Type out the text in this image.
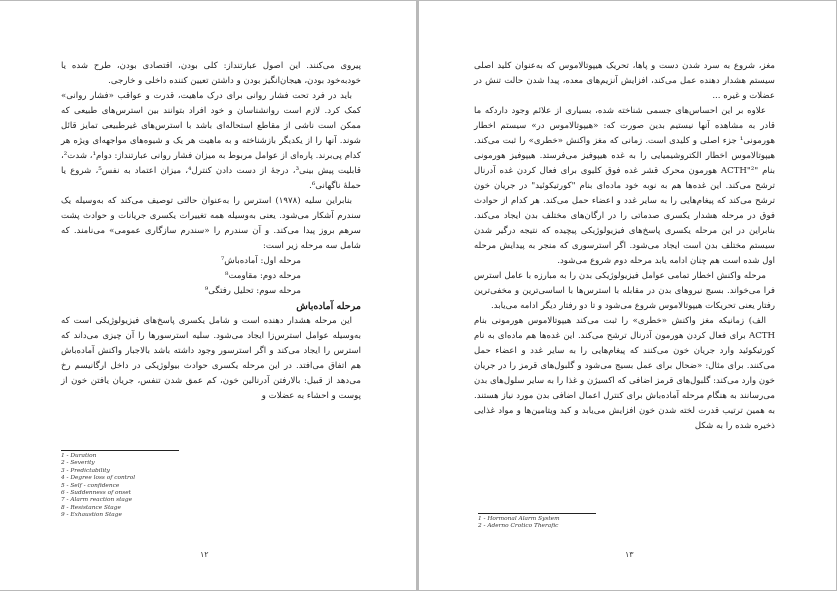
پیروی می‌کنند. این اصول عبارتنداز: کلی بودن، اقتصادی بودن، طرح شده یا خودبه‌خود بودن، هیجان‌انگیز بودن و داشتن تعیین کننده داخلی و خارجی.

باید در فرد تحت فشار روانی برای درک ماهیت، قدرت و عواقب «فشار روانی» کمک کرد. لازم است روانشناسان و خود افراد بتوانند بین استرس‌های طبیعی که ممکن است ناشی از مقاطع استحاله‌ای باشد با استرس‌های غیرطبیعی تمایز قائل شوند. آنها را از یکدیگر بازشناخته و به ماهیت هر یک و شیوه‌های مواجهه‌ای ویژه هر کدام پی‌برند. پاره‌ای از عوامل مربوط به میزان فشار روانی عبارتنداز: دوام¹، شدت²، قابلیت پیش بینی³، درجهٔ از دست دادن کنترل⁴، میزان اعتماد به نفس⁵، شروع یا حملهٔ ناگهانی⁶.

بنابراین سلیه (۱۹۷۸) استرس را به‌عنوان حالتی توصیف می‌کند که به‌وسیله یک سندرم آشکار می‌شود. یعنی به‌وسیله همه تغییرات یکسری جریانات و حوادث پشت سرهم بروز پیدا می‌کند. و آن سندرم را «سندرم سازگاری عمومی» می‌نامند. که شامل سه مرحله زیر است:

مرحله اول: آماده‌باش⁷

مرحله دوم: مقاومت⁸

مرحله سوم: تحلیل رفتگی⁹

مرحله آماده‌باش

این مرحله هشدار دهنده است و شامل یکسری پاسخ‌های فیزیولوژیکی است که به‌وسیله عوامل استرس‌زا ایجاد می‌شود. سلیه استرسورها را آن چیزی می‌داند که استرس را ایجاد می‌کند و اگر استرسور وجود داشته باشد بالاجبار واکنش آماده‌باش هم اتفاق می‌افتد. در این مرحله یکسری حوادث بیولوژیکی در داخل ارگانیسم رخ می‌دهد از قبیل: بالارفتن آدرنالین خون، کم عمق شدن تنفس، جریان یافتن خون از پوست و احشاء به عضلات و

1 - Duration
2 - Severity
3 - Predictability
4 - Degree loss of control
5 - Self - confidence
6 - Suddenness of onset
7 - Alarm reaction stage
8 - Resistance Stage
9 - Exhaustion Stage
۱۲

مغز، شروع به سرد شدن دست و پاها، تحریک هیپوتالاموس که به‌عنوان کلید اصلی سیستم هشدار دهنده عمل می‌کند، افزایش آنزیم‌های معده، پیدا شدن حالت تنش در عضلات و غیره ...

علاوه بر این احساس‌های جسمی شناخته شده، بسیاری از علائم وجود دارد‌که ما قادر به مشاهده آنها نیستیم بدین صورت که: «هیپوتالاموس در» سیستم اخطار هورمونی¹ جزء اصلی و کلیدی است. زمانی که مغز واکنش «خطری» را ثبت می‌کند. هیپوتالاموس اخطار الکتروشیمیایی را به غده هیپوفیز می‌فرستد. هیپوفیز هورمونی بنام "ACTH"² هورمون محرک قشر غده فوق کلیوی برای فعال کردن غده آدرنال ترشح می‌کند. این غده‌ها هم به نوبه خود ماده‌ای بنام "کورتیکوئید" در جریان خون ترشح می‌کند که پیغام‌هایی را به سایر غدد و اعضاء حمل می‌کند. هر کدام از حوادث فوق در مرحله هشدار یکسری صدماتی را در ارگان‌های مختلف بدن ایجاد می‌کند. بنابراین در این مرحله یکسری پاسخ‌های فیزیولوژیکی پیچیده که نتیجه درگیر شدن سیستم مختلف بدن است ایجاد می‌شود. اگر استرسوری که منجر به پیدایش مرحله اول شده است هم چنان ادامه یابد مرحله دوم شروع می‌شود.

مرحله واکنش اخطار تمامی عوامل فیزیولوژیکی بدن را به مبارزه با عامل استرس فرا می‌خواند. بسیج نیروهای بدن در مقابله با استرس‌ها با اساسی‌ترین و مخفی‌ترین رفتار یعنی تحریکات هیپوتالاموس شروع می‌شود و تا دو رفتار دیگر ادامه می‌یابد.

الف) زمانیکه مغز واکنش «خطری» را ثبت می‌کند هیپوتالاموس هورمونی بنام ACTH برای فعال کردن هورمون آدرنال ترشح می‌کند. این غده‌ها هم ماده‌ای به نام کورتیکوئید وارد جریان خون می‌کنند که پیغام‌هایی را به سایر غدد و اعضاء حمل می‌کنند. برای مثال: «ضحال برای عمل بسیج می‌شود و گلبول‌های قرمز را در جریان خون وارد می‌کند: گلبول‌های قرمز اضافی که اکسیژن و غذا را به سایر سلول‌های بدن می‌رسانند به هنگام مرحله آماده‌باش برای کنترل اعمال اضافی بدن مورد نیاز هستند. به همین ترتیب قدرت لخته شدن خون افزایش می‌یابد و کبد ویتامین‌ها و مواد غذایی ذخیره شده را به شکل

1 - Hormonal Alarm System
2 - Aderno Crotico Therafic
۱۳
